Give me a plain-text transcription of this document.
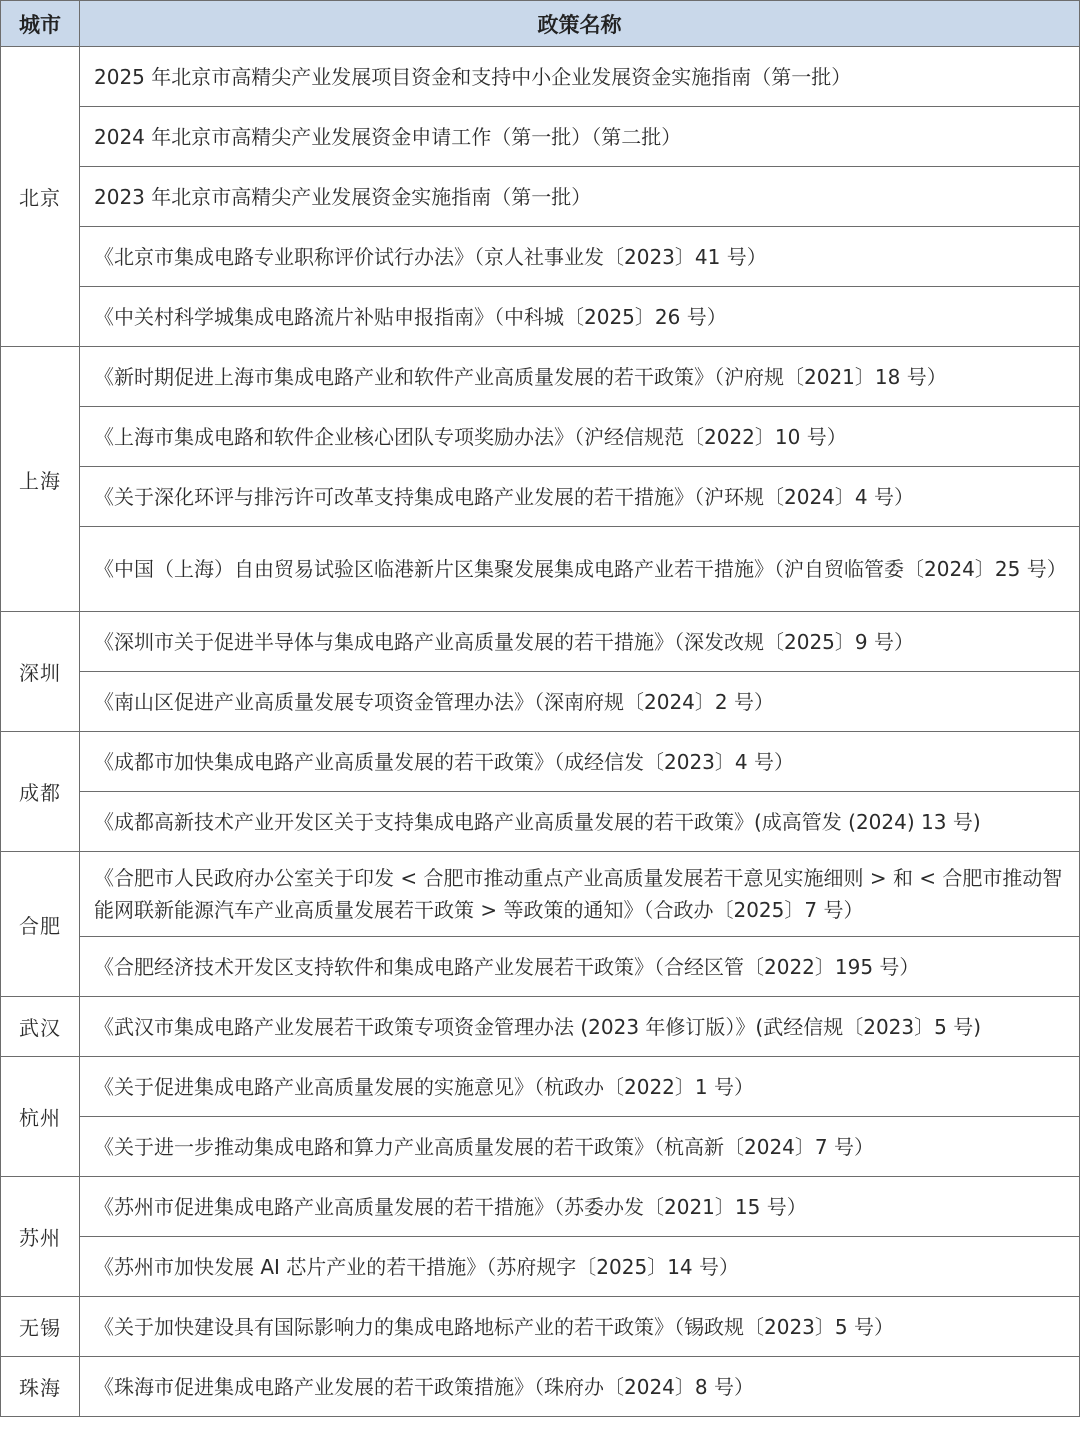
城市	政策名称
北京	2025 年北京市高精尖产业发展项目资金和支持中小企业发展资金实施指南（第一批）
	2024 年北京市高精尖产业发展资金申请工作（第一批）（第二批）
	2023 年北京市高精尖产业发展资金实施指南（第一批）
	《北京市集成电路专业职称评价试行办法》（京人社事业发〔2023〕41 号）
	《中关村科学城集成电路流片补贴申报指南》（中科城〔2025〕26 号）
上海	《新时期促进上海市集成电路产业和软件产业高质量发展的若干政策》（沪府规〔2021〕18 号）
	《上海市集成电路和软件企业核心团队专项奖励办法》（沪经信规范〔2022〕10 号）
	《关于深化环评与排污许可改革支持集成电路产业发展的若干措施》（沪环规〔2024〕4 号）
	《中国（上海）自由贸易试验区临港新片区集聚发展集成电路产业若干措施》（沪自贸临管委〔2024〕25 号）
深圳	《深圳市关于促进半导体与集成电路产业高质量发展的若干措施》（深发改规〔2025〕9 号）
	《南山区促进产业高质量发展专项资金管理办法》（深南府规〔2024〕2 号）
成都	《成都市加快集成电路产业高质量发展的若干政策》（成经信发〔2023〕4 号）
	《成都高新技术产业开发区关于支持集成电路产业高质量发展的若干政策》(成高管发 (2024) 13 号)
合肥	《合肥市人民政府办公室关于印发 < 合肥市推动重点产业高质量发展若干意见实施细则 > 和 < 合肥市推动智能网联新能源汽车产业高质量发展若干政策 > 等政策的通知》（合政办〔2025〕7 号）
	《合肥经济技术开发区支持软件和集成电路产业发展若干政策》（合经区管〔2022〕195 号）
武汉	《武汉市集成电路产业发展若干政策专项资金管理办法 (2023 年修订版）》(武经信规〔2023〕5 号)
杭州	《关于促进集成电路产业高质量发展的实施意见》（杭政办〔2022〕1 号）
	《关于进一步推动集成电路和算力产业高质量发展的若干政策》（杭高新〔2024〕7 号）
苏州	《苏州市促进集成电路产业高质量发展的若干措施》（苏委办发〔2021〕15 号）
	《苏州市加快发展 AI 芯片产业的若干措施》（苏府规字〔2025〕14 号）
无锡	《关于加快建设具有国际影响力的集成电路地标产业的若干政策》（锡政规〔2023〕5 号）
珠海	《珠海市促进集成电路产业发展的若干政策措施》（珠府办〔2024〕8 号）
